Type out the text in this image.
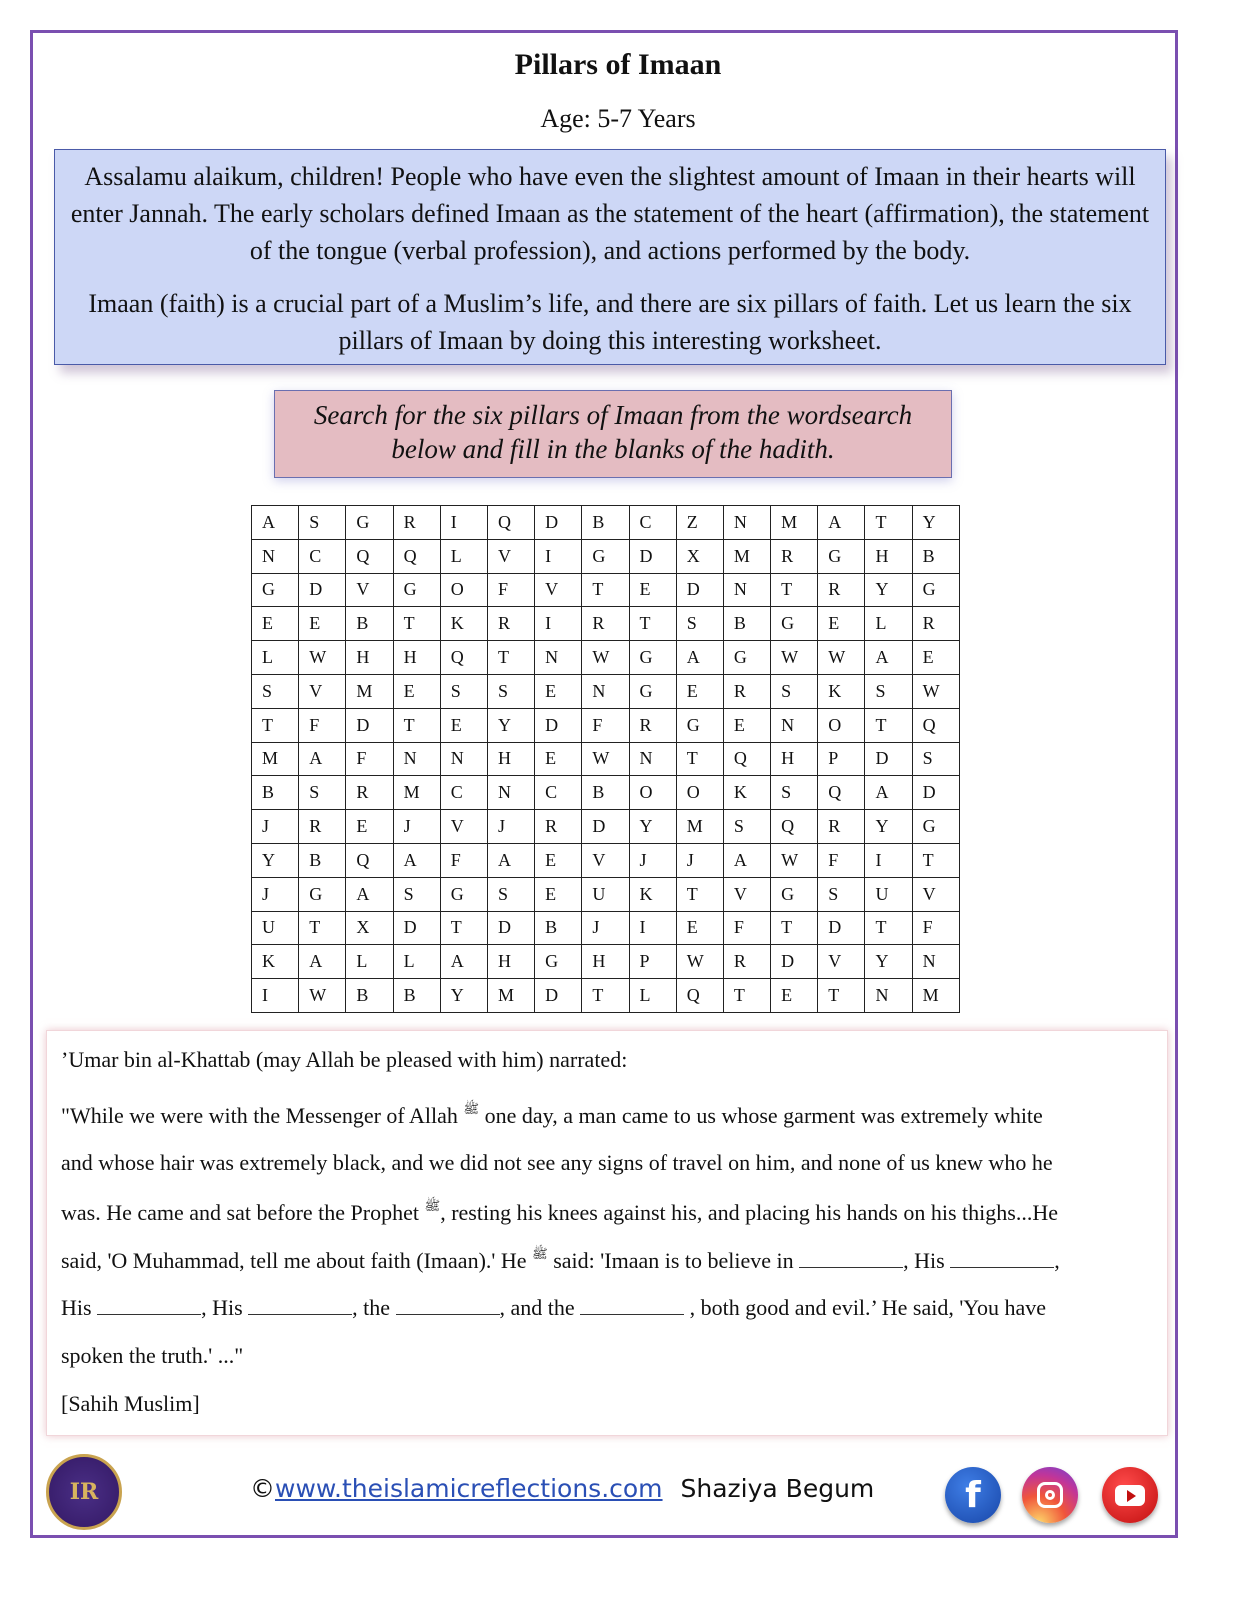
Pillars of Imaan
Age: 5-7 Years

Assalamu alaikum, children! People who have even the slightest amount of Imaan in their hearts will enter Jannah. The early scholars defined Imaan as the statement of the heart (affirmation), the statement of the tongue (verbal profession), and actions performed by the body.

Imaan (faith) is a crucial part of a Muslim’s life, and there are six pillars of faith. Let us learn the six pillars of Imaan by doing this interesting worksheet.

Search for the six pillars of Imaan from the wordsearch
below and fill in the blanks of the hadith.
A	S	G	R	I	Q	D	B	C	Z	N	M	A	T	Y
N	C	Q	Q	L	V	I	G	D	X	M	R	G	H	B
G	D	V	G	O	F	V	T	E	D	N	T	R	Y	G
E	E	B	T	K	R	I	R	T	S	B	G	E	L	R
L	W	H	H	Q	T	N	W	G	A	G	W	W	A	E
S	V	M	E	S	S	E	N	G	E	R	S	K	S	W
T	F	D	T	E	Y	D	F	R	G	E	N	O	T	Q
M	A	F	N	N	H	E	W	N	T	Q	H	P	D	S
B	S	R	M	C	N	C	B	O	O	K	S	Q	A	D
J	R	E	J	V	J	R	D	Y	M	S	Q	R	Y	G
Y	B	Q	A	F	A	E	V	J	J	A	W	F	I	T
J	G	A	S	G	S	E	U	K	T	V	G	S	U	V
U	T	X	D	T	D	B	J	I	E	F	T	D	T	F
K	A	L	L	A	H	G	H	P	W	R	D	V	Y	N
I	W	B	B	Y	M	D	T	L	Q	T	E	T	N	M
’Umar bin al-Khattab (may Allah be pleased with him) narrated:
"While we were with the Messenger of Allah $^ﷺ$ one day, a man came to us whose garment was extremely white
and whose hair was extremely black, and we did not see any signs of travel on him, and none of us knew who he
was. He came and sat before the Prophet $^ﷺ$, resting his knees against his, and placing his hands on his thighs...He
said, 'O Muhammad, tell me about faith (Imaan).' He $^ﷺ$ said: 'Imaan is to believe in	, His	,
His	, His	, the	, and the	, both good and evil.’ He said, 'You have
spoken the truth.' ..."
[Sahih Muslim]
IR	©www.theislamicreflections.com Shaziya Begum	f
